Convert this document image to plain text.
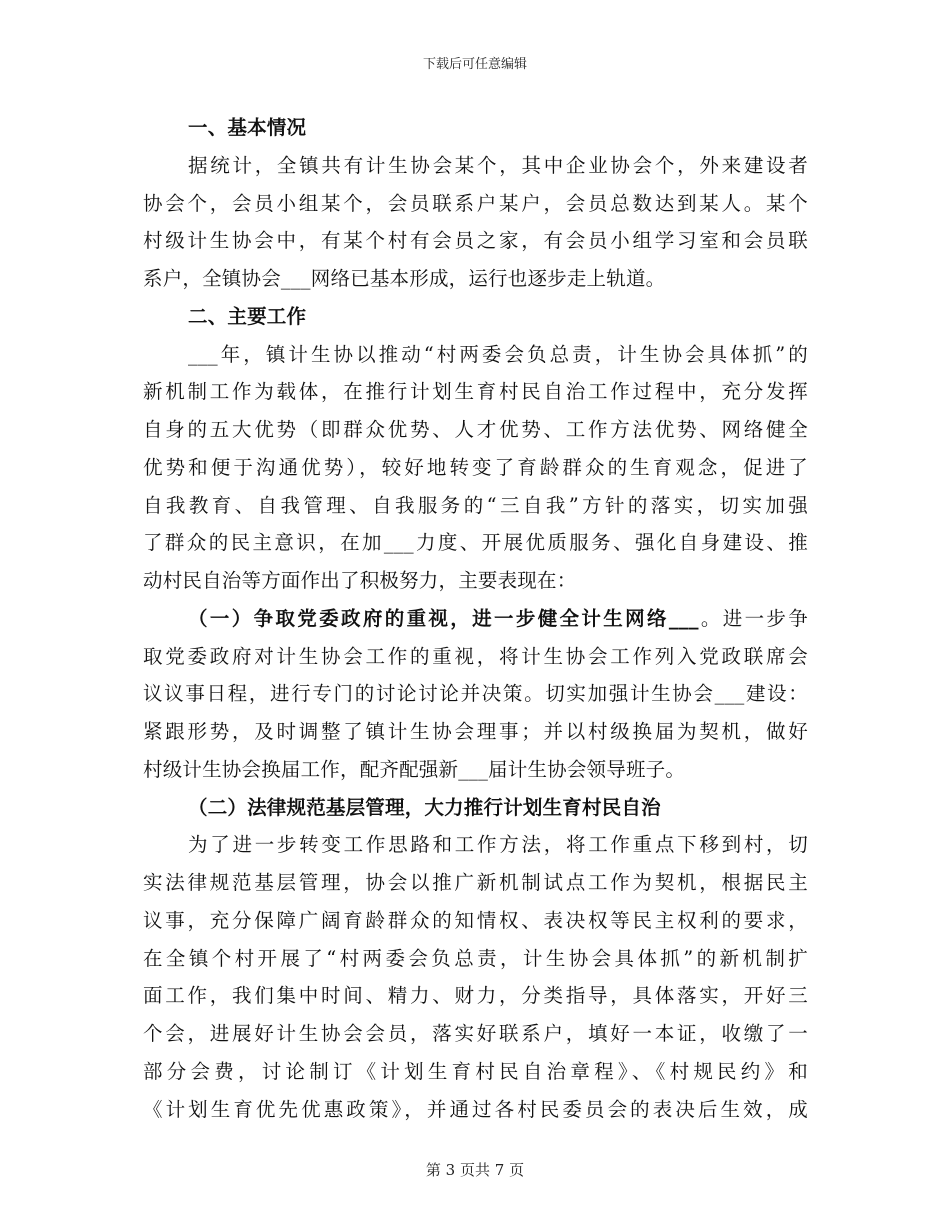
下载后可任意编辑
一、基本情况
据统计，全镇共有计生协会某个，其中企业协会个，外来建设者
协会个，会员小组某个，会员联系户某户，会员总数达到某人。某个
村级计生协会中，有某个村有会员之家，有会员小组学习室和会员联
系户，全镇协会___网络已基本形成，运行也逐步走上轨道。
二、主要工作
___年，镇计生协以推动“村两委会负总责，计生协会具体抓”的
新机制工作为载体，在推行计划生育村民自治工作过程中，充分发挥
自身的五大优势（即群众优势、人才优势、工作方法优势、网络健全
优势和便于沟通优势），较好地转变了育龄群众的生育观念，促进了
自我教育、自我管理、自我服务的“三自我”方针的落实，切实加强
了群众的民主意识，在加___力度、开展优质服务、强化自身建设、推
动村民自治等方面作出了积极努力，主要表现在：
（一）争取党委政府的重视，进一步健全计生网络___。进一步争
取党委政府对计生协会工作的重视，将计生协会工作列入党政联席会
议议事日程，进行专门的讨论讨论并决策。切实加强计生协会___建设：
紧跟形势，及时调整了镇计生协会理事；并以村级换届为契机，做好
村级计生协会换届工作，配齐配强新___届计生协会领导班子。
（二）法律规范基层管理，大力推行计划生育村民自治
为了进一步转变工作思路和工作方法，将工作重点下移到村，切
实法律规范基层管理，协会以推广新机制试点工作为契机，根据民主
议事，充分保障广阔育龄群众的知情权、表决权等民主权利的要求，
在全镇个村开展了“村两委会负总责，计生协会具体抓”的新机制扩
面工作，我们集中时间、精力、财力，分类指导，具体落实，开好三
个会，进展好计生协会会员，落实好联系户，填好一本证，收缴了一
部分会费，讨论制订《计划生育村民自治章程》、《村规民约》和
《计划生育优先优惠政策》，并通过各村民委员会的表决后生效，成
第 3 页共 7 页
